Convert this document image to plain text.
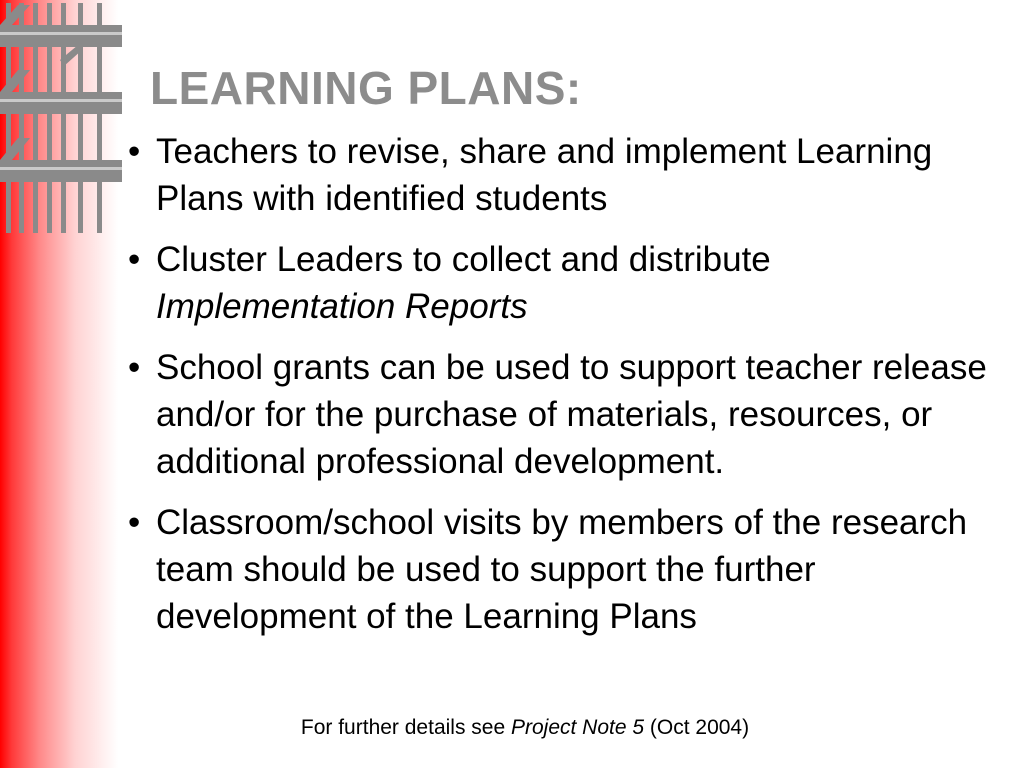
LEARNING PLANS:
• Teachers to revise, share and implement Learning Plans with identified students
• Cluster Leaders to collect and distribute Implementation Reports
• School grants can be used to support teacher release and/or for the purchase of materials, resources, or additional professional development.
• Classroom/school visits by members of the research team should be used to support the further development of the Learning Plans
For further details see Project Note 5 (Oct 2004)
